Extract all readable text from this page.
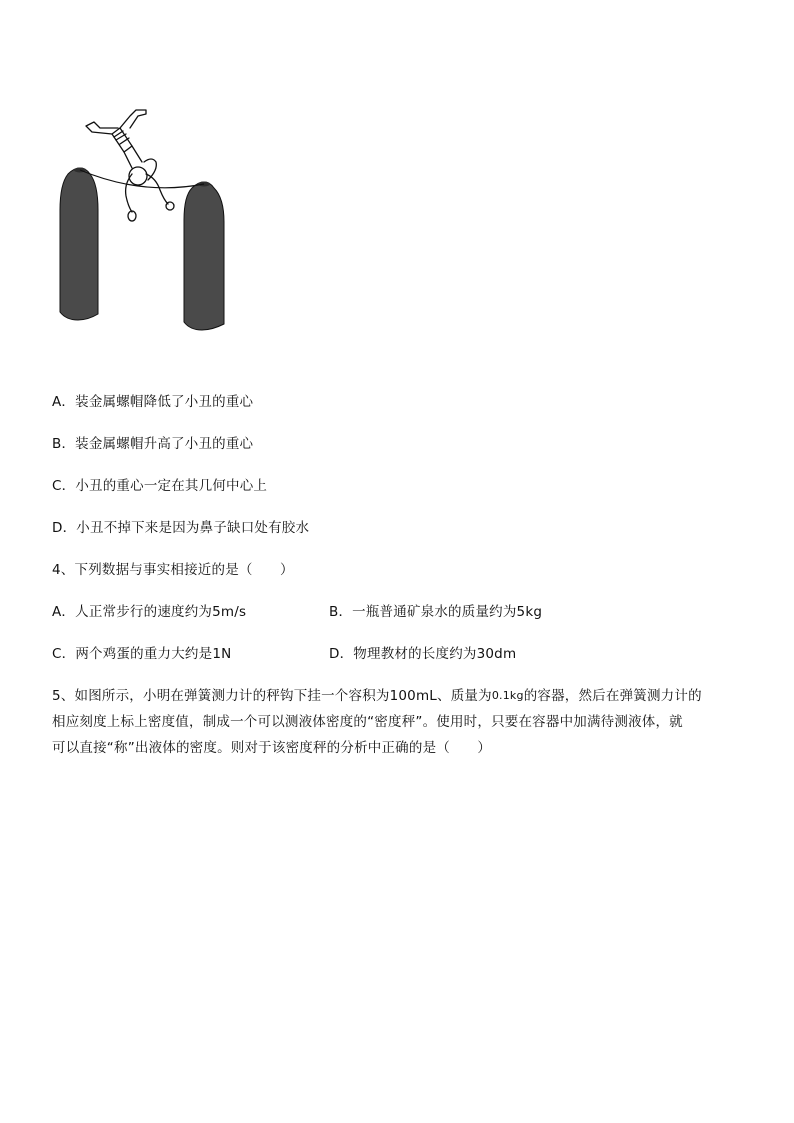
A．装金属螺帽降低了小丑的重心
B．装金属螺帽升高了小丑的重心
C．小丑的重心一定在其几何中心上
D．小丑不掉下来是因为鼻子缺口处有胶水
4、下列数据与事实相接近的是（　　）
A．人正常步行的速度约为5m/s	B．一瓶普通矿泉水的质量约为5kg
C．两个鸡蛋的重力大约是1N	D．物理教材的长度约为30dm
5、如图所示，小明在弹簧测力计的秤钩下挂一个容积为100mL、质量为0.1kg的容器，然后在弹簧测力计的
相应刻度上标上密度值，制成一个可以测液体密度的“密度秤”。使用时，只要在容器中加满待测液体，就
可以直接“称”出液体的密度。则对于该密度秤的分析中正确的是（　　）
